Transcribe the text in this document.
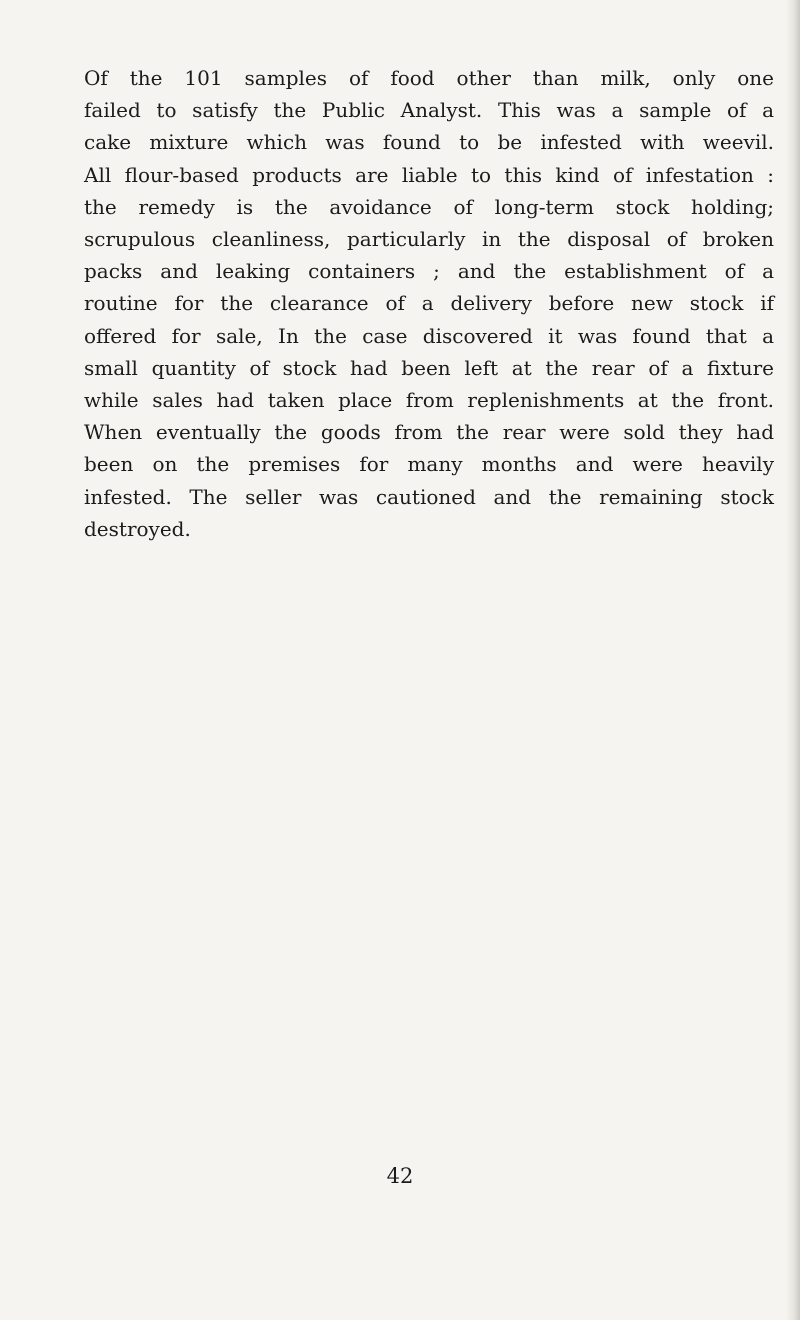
Of the 101 samples of food other than milk, only one
failed to satisfy the Public Analyst. This was a sample of a
cake mixture which was found to be infested with weevil.
All flour-based products are liable to this kind of infestation :
the remedy is the avoidance of long-term stock holding;
scrupulous cleanliness, particularly in the disposal of broken
packs and leaking containers ; and the establishment of a
routine for the clearance of a delivery before new stock if
offered for sale, In the case discovered it was found that a
small quantity of stock had been left at the rear of a fixture
while sales had taken place from replenishments at the front.
When eventually the goods from the rear were sold they had
been on the premises for many months and were heavily
infested. The seller was cautioned and the remaining stock
destroyed.
42
